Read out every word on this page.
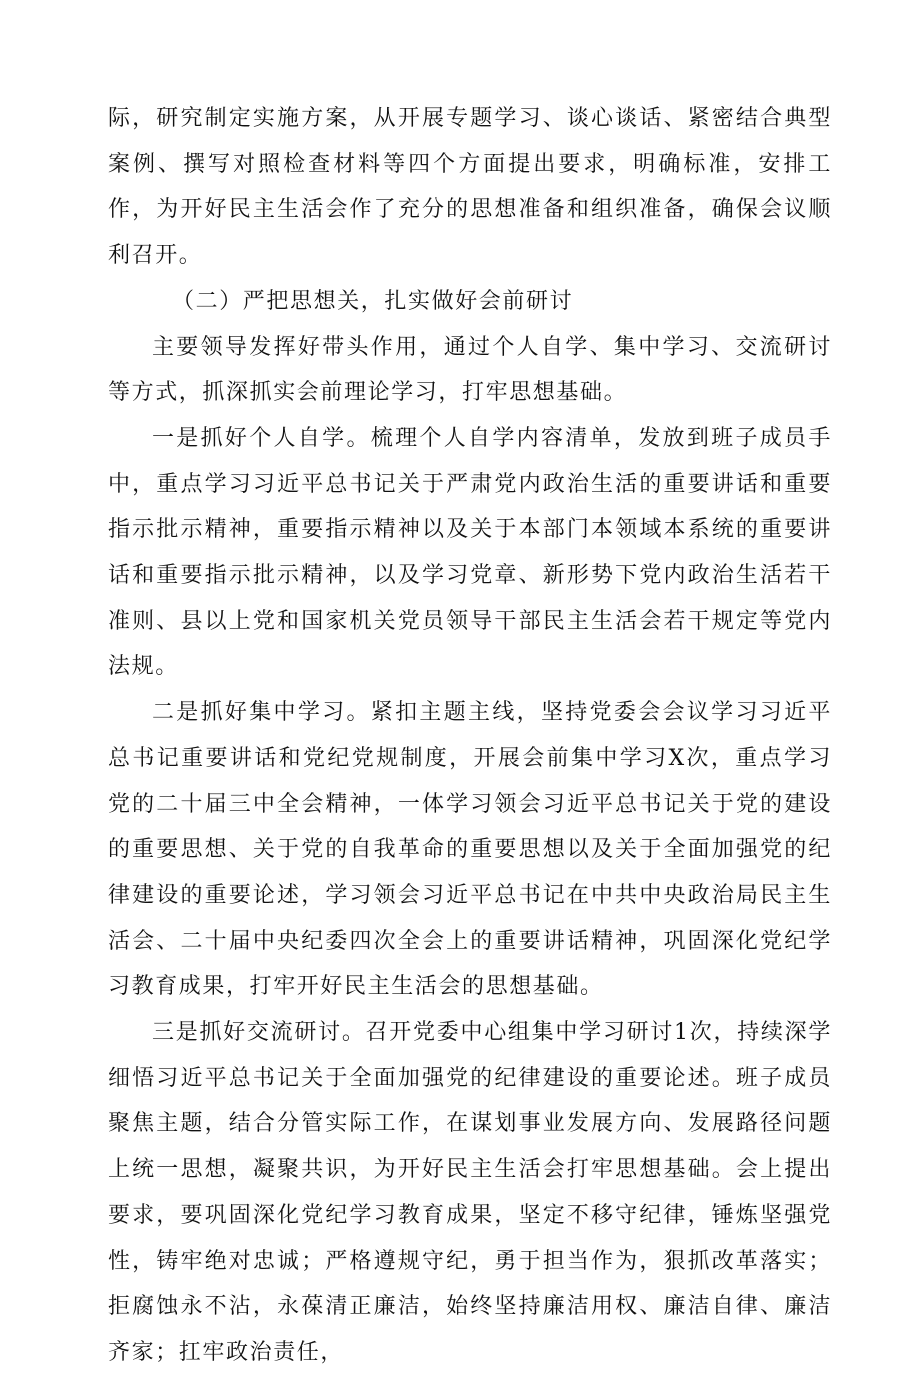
际，研究制定实施方案，从开展专题学习、谈心谈话、紧密结合典型案例、撰写对照检查材料等四个方面提出要求，明确标准，安排工作，为开好民主生活会作了充分的思想准备和组织准备，确保会议顺利召开。

（二）严把思想关，扎实做好会前研讨

主要领导发挥好带头作用，通过个人自学、集中学习、交流研讨等方式，抓深抓实会前理论学习，打牢思想基础。

一是抓好个人自学。梳理个人自学内容清单，发放到班子成员手中，重点学习习近平总书记关于严肃党内政治生活的重要讲话和重要指示批示精神，重要指示精神以及关于本部门本领域本系统的重要讲话和重要指示批示精神，以及学习党章、新形势下党内政治生活若干准则、县以上党和国家机关党员领导干部民主生活会若干规定等党内法规。

二是抓好集中学习。紧扣主题主线，坚持党委会会议学习习近平总书记重要讲话和党纪党规制度，开展会前集中学习X次，重点学习党的二十届三中全会精神，一体学习领会习近平总书记关于党的建设的重要思想、关于党的自我革命的重要思想以及关于全面加强党的纪律建设的重要论述，学习领会习近平总书记在中共中央政治局民主生活会、二十届中央纪委四次全会上的重要讲话精神，巩固深化党纪学习教育成果，打牢开好民主生活会的思想基础。

三是抓好交流研讨。召开党委中心组集中学习研讨1次，持续深学细悟习近平总书记关于全面加强党的纪律建设的重要论述。班子成员聚焦主题，结合分管实际工作，在谋划事业发展方向、发展路径问题上统一思想，凝聚共识，为开好民主生活会打牢思想基础。会上提出要求，要巩固深化党纪学习教育成果，坚定不移守纪律，锤炼坚强党性，铸牢绝对忠诚；严格遵规守纪，勇于担当作为，狠抓改革落实；拒腐蚀永不沾，永葆清正廉洁，始终坚持廉洁用权、廉洁自律、廉洁齐家；扛牢政治责任，
